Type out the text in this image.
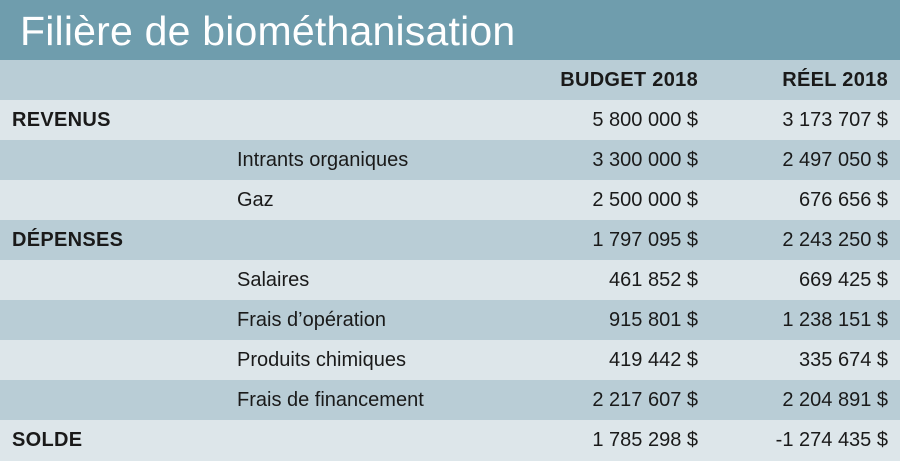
Filière de biométhanisation
BUDGET 2018	RÉEL 2018
REVENUS	5 800 000 $	3 173 707 $
Intrants organiques	3 300 000 $	2 497 050 $
Gaz	2 500 000 $	676 656 $
DÉPENSES	1 797 095 $	2 243 250 $
Salaires	461 852 $	669 425 $
Frais d’opération	915 801 $	1 238 151 $
Produits chimiques	419 442 $	335 674 $
Frais de financement	2 217 607 $	2 204 891 $
SOLDE	1 785 298 $	-1 274 435 $
